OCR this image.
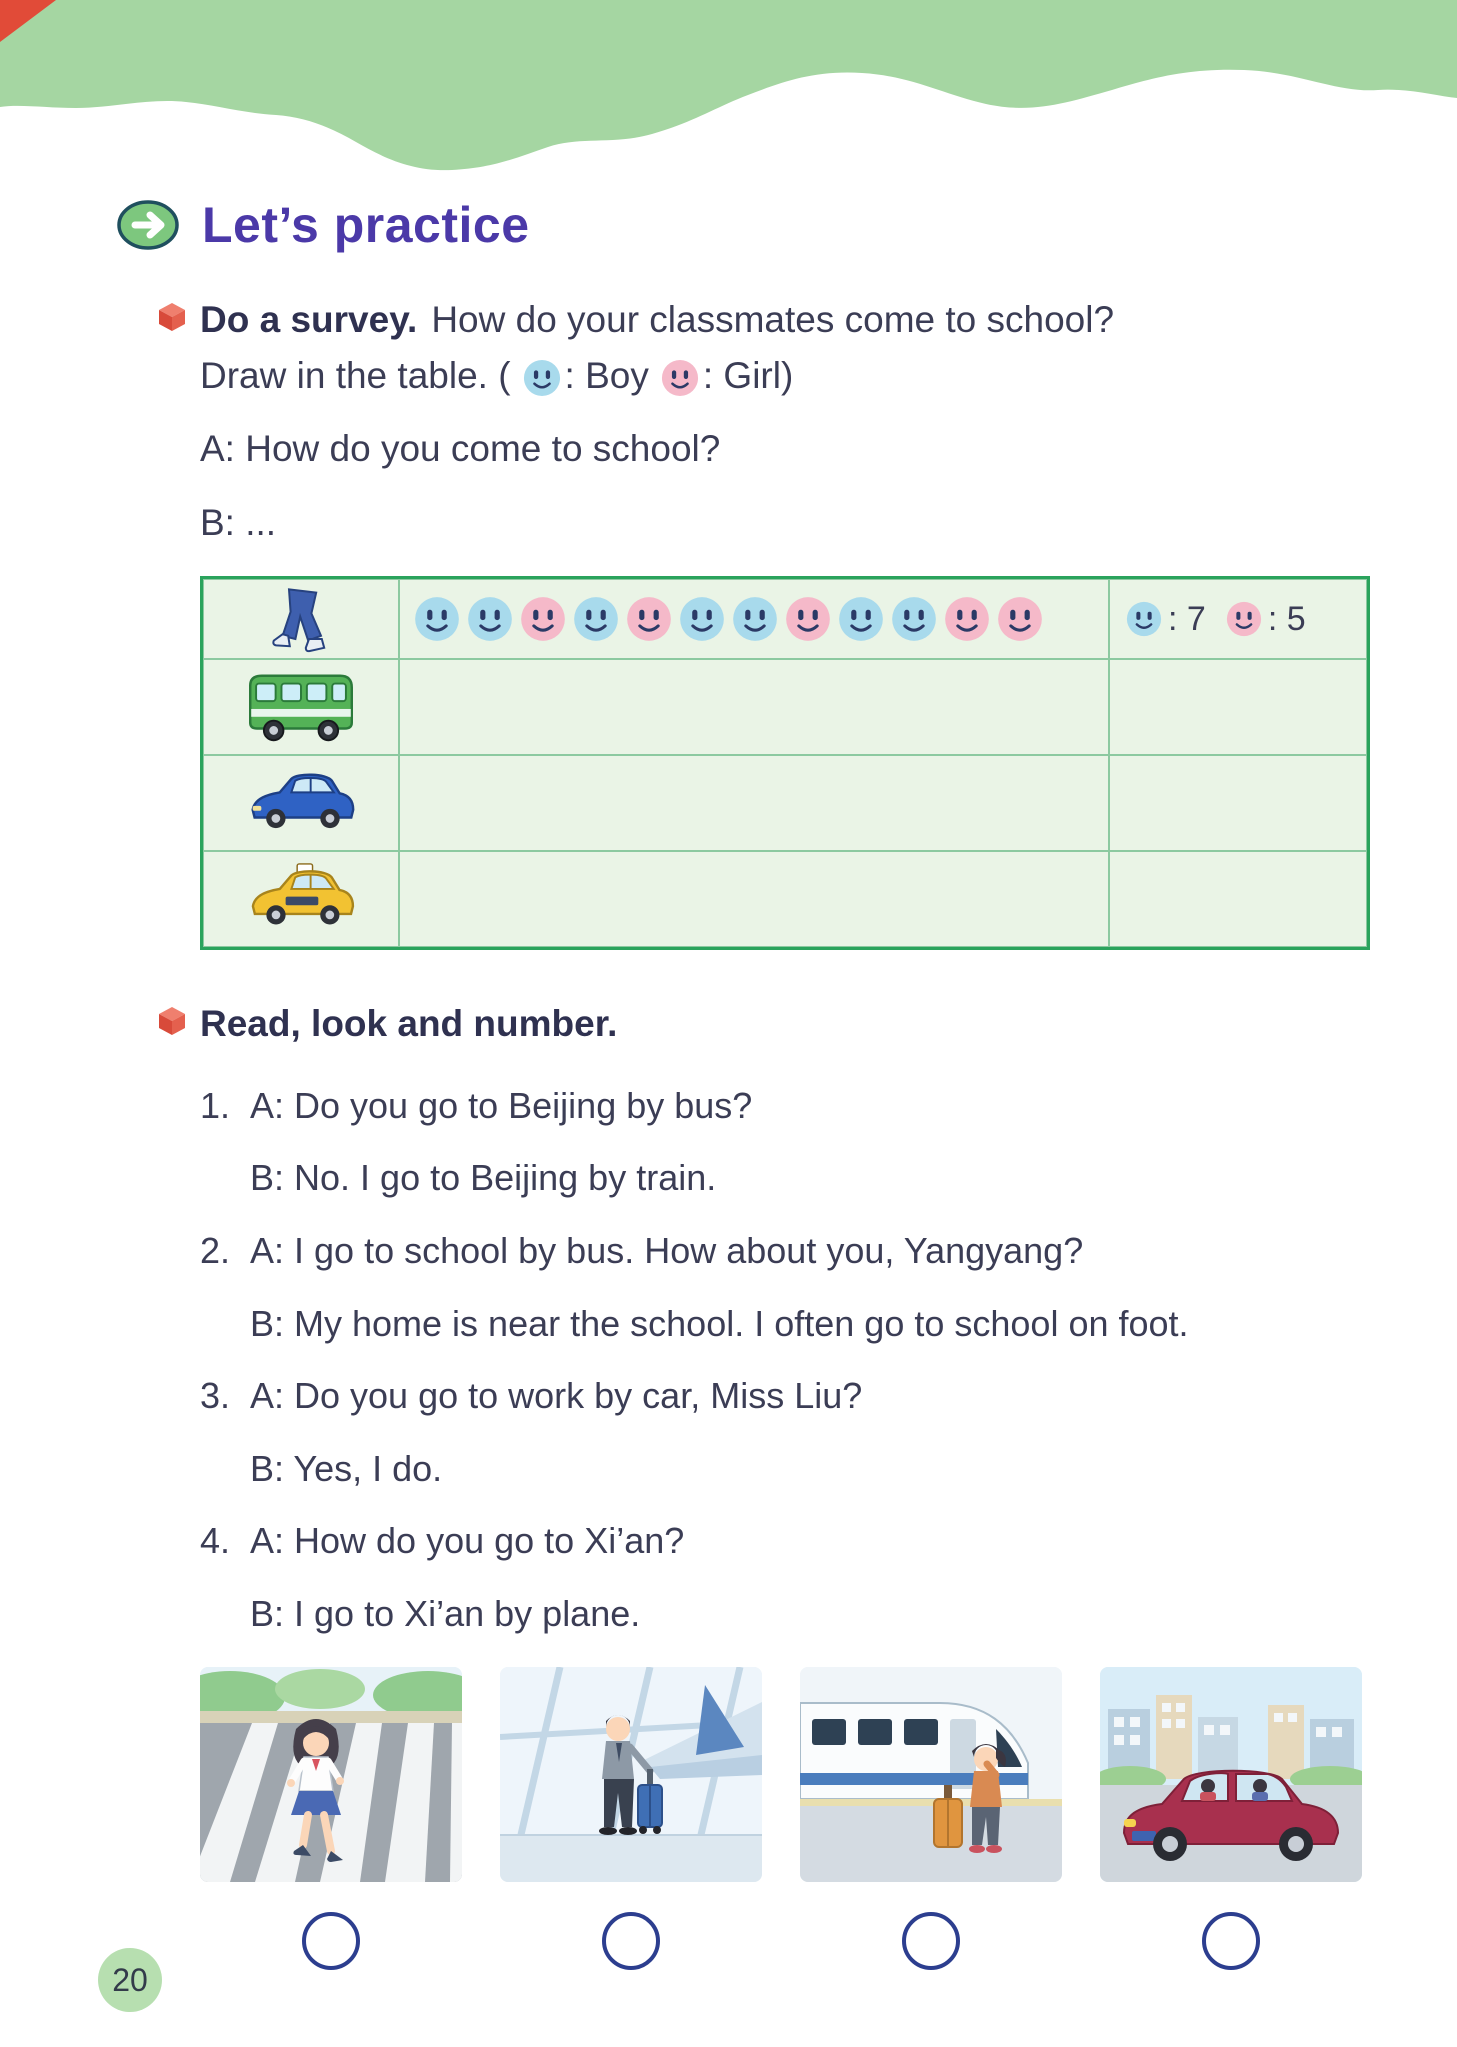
Let’s practice
Do a survey. How do your classmates come to school?
Draw in the table. ( : Boy : Girl)
A: How do you come to school?
B: ...
: 7 : 5
Read, look and number.
1. A: Do you go to Beijing by bus?
B: No. I go to Beijing by train.
2. A: I go to school by bus. How about you, Yangyang?
B: My home is near the school. I often go to school on foot.
3. A: Do you go to work by car, Miss Liu?
B: Yes, I do.
4. A: How do you go to Xi’an?
B: I go to Xi’an by plane.
20
